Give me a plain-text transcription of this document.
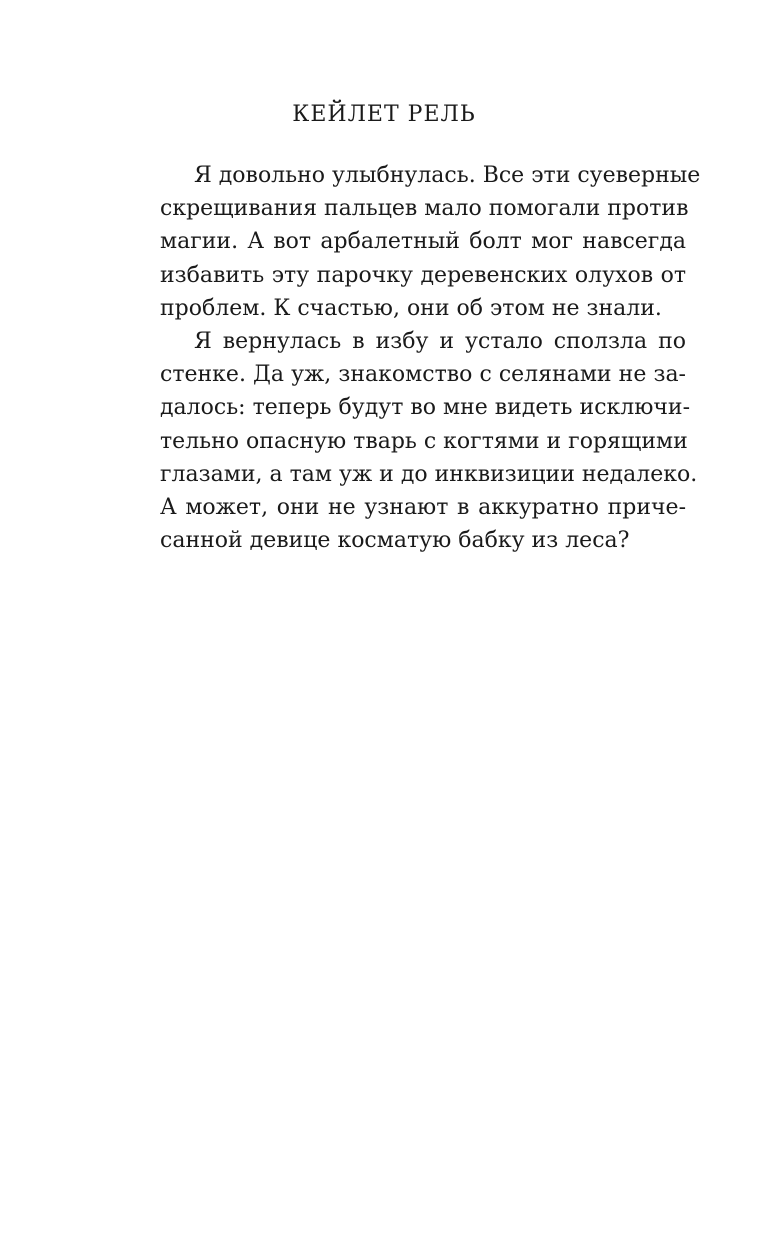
КЕЙЛЕТ РЕЛЬ

Я довольно улыбнулась. Все эти суеверные
скрещивания пальцев мало помогали против
магии. А вот арбалетный болт мог навсегда
избавить эту парочку деревенских олухов от
проблем. К счастью, они об этом не знали.

Я вернулась в избу и устало сползла по
стенке. Да уж, знакомство с селянами не за-
далось: теперь будут во мне видеть исключи-
тельно опасную тварь с когтями и горящими
глазами, а там уж и до инквизиции недалеко.
А может, они не узнают в аккуратно приче-
санной девице косматую бабку из леса?
